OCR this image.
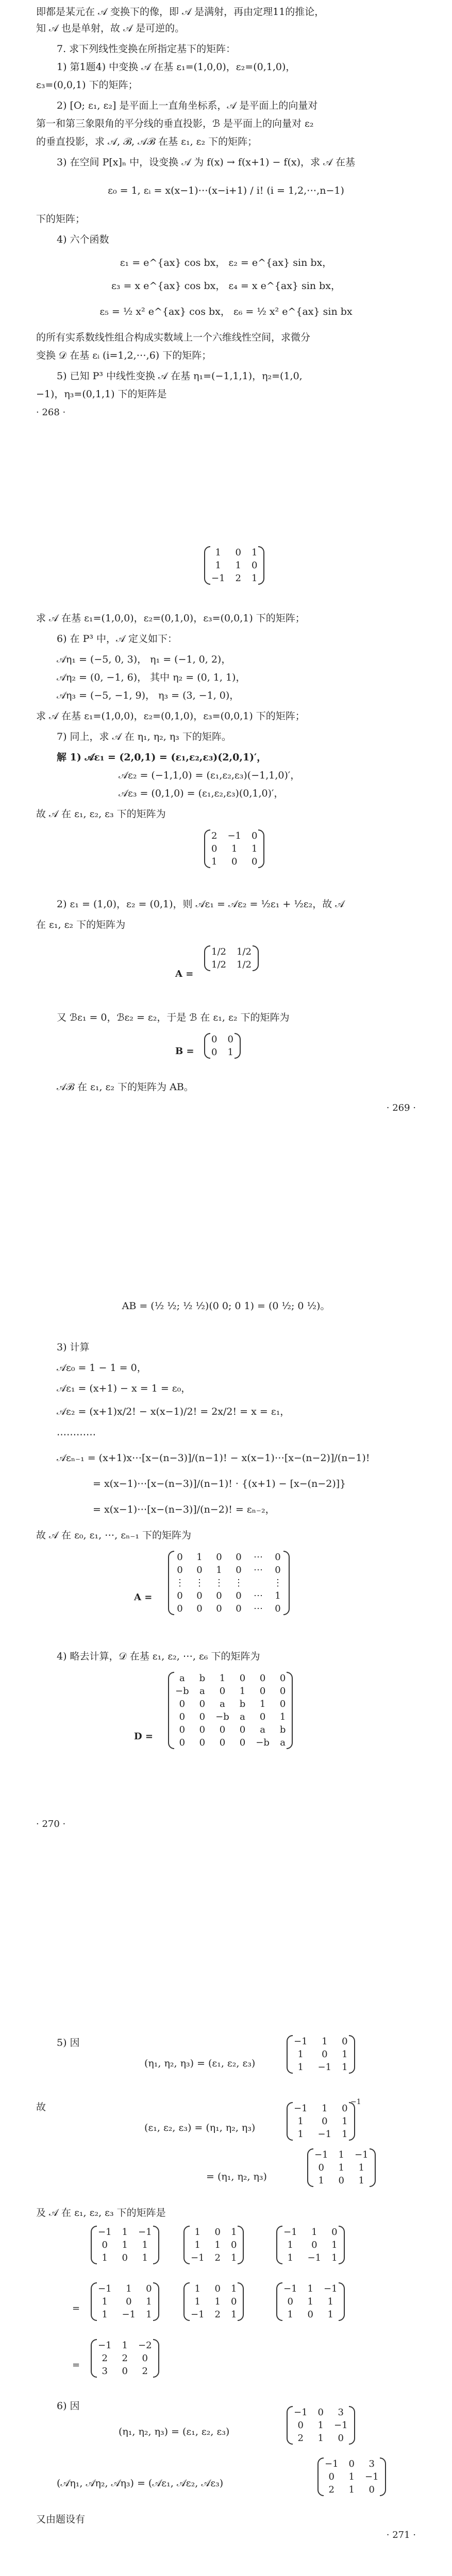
即都是某元在 𝒜 变换下的像，即 𝒜 是满射，再由定理11的推论，
知 𝒜 也是单射，故 𝒜 是可逆的。
7. 求下列线性变换在所指定基下的矩阵：
1) 第1题4) 中变换 𝒜 在基 ε₁=(1,0,0)，ε₂=(0,1,0)，
ε₃=(0,0,1) 下的矩阵；
2) [O; ε₁, ε₂] 是平面上一直角坐标系，𝒜 是平面上的向量对
第一和第三象限角的平分线的垂直投影，ℬ 是平面上的向量对 ε₂
的垂直投影，求 𝒜, ℬ, 𝒜ℬ 在基 ε₁, ε₂ 下的矩阵；
3) 在空间 P[x]ₙ 中，设变换 𝒜 为 f(x) → f(x+1) − f(x)，求 𝒜 在基
ε₀ = 1, εᵢ = x(x−1)⋯(x−i+1) / i! (i = 1,2,⋯,n−1)
下的矩阵；
4) 六个函数
ε₁ = e^{ax} cos bx， ε₂ = e^{ax} sin bx，
ε₃ = x e^{ax} cos bx， ε₄ = x e^{ax} sin bx，
ε₅ = ½ x² e^{ax} cos bx， ε₆ = ½ x² e^{ax} sin bx
的所有实系数线性组合构成实数域上一个六维线性空间，求微分
变换 𝒟 在基 εᵢ (i=1,2,⋯,6) 下的矩阵；
5) 已知 P³ 中线性变换 𝒜 在基 η₁=(−1,1,1)，η₂=(1,0,
−1)，η₃=(0,1,1) 下的矩阵是
· 268 ·
1	0	1
1	1	0
−1	2	1
求 𝒜 在基 ε₁=(1,0,0)，ε₂=(0,1,0)，ε₃=(0,0,1) 下的矩阵；
6) 在 P³ 中，𝒜 定义如下：
𝒜η₁ = (−5, 0, 3)， η₁ = (−1, 0, 2)，
𝒜η₂ = (0, −1, 6)， 其中 η₂ = (0, 1, 1)，
𝒜η₃ = (−5, −1, 9)， η₃ = (3, −1, 0)，
求 𝒜 在基 ε₁=(1,0,0)，ε₂=(0,1,0)，ε₃=(0,0,1) 下的矩阵；
7) 同上，求 𝒜 在 η₁, η₂, η₃ 下的矩阵。
解 1) 𝒜ε₁ = (2,0,1) = (ε₁,ε₂,ε₃)(2,0,1)′，
𝒜ε₂ = (−1,1,0) = (ε₁,ε₂,ε₃)(−1,1,0)′，
𝒜ε₃ = (0,1,0) = (ε₁,ε₂,ε₃)(0,1,0)′，
故 𝒜 在 ε₁, ε₂, ε₃ 下的矩阵为
2	−1	0
0	1	1
1	0	0
2) ε₁ = (1,0)，ε₂ = (0,1)，则 𝒜ε₁ = 𝒜ε₂ = ½ε₁ + ½ε₂，故 𝒜
在 ε₁, ε₂ 下的矩阵为
A =
1/2	1/2
1/2	1/2
又 ℬε₁ = 0，ℬε₂ = ε₂，于是 ℬ 在 ε₁, ε₂ 下的矩阵为
B =
0	0
0	1
𝒜ℬ 在 ε₁, ε₂ 下的矩阵为 AB。
· 269 ·
AB = (½ ½; ½ ½)(0 0; 0 1) = (0 ½; 0 ½)。
3) 计算
𝒜ε₀ = 1 − 1 = 0，
𝒜ε₁ = (x+1) − x = 1 = ε₀，
𝒜ε₂ = (x+1)x/2! − x(x−1)/2! = 2x/2! = x = ε₁，
⋯⋯⋯⋯
𝒜εₙ₋₁ = (x+1)x⋯[x−(n−3)]/(n−1)! − x(x−1)⋯[x−(n−2)]/(n−1)!
= x(x−1)⋯[x−(n−3)]/(n−1)! · {(x+1) − [x−(n−2)]}
= x(x−1)⋯[x−(n−3)]/(n−2)! = εₙ₋₂，
故 𝒜 在 ε₀, ε₁, ⋯, εₙ₋₁ 下的矩阵为
A =
0	1	0	0	⋯	0
0	0	1	0	⋯	0
⋮	⋮	⋮	⋮		⋮
0	0	0	0	⋯	1
0	0	0	0	⋯	0
4) 略去计算，𝒟 在基 ε₁, ε₂, ⋯, ε₆ 下的矩阵为
D =
a	b	1	0	0	0
−b	a	0	1	0	0
0	0	a	b	1	0
0	0	−b	a	0	1
0	0	0	0	a	b
0	0	0	0	−b	a
· 270 ·
5) 因
(η₁, η₂, η₃) = (ε₁, ε₂, ε₃)
−1	1	0
1	0	1
1	−1	1
故
(ε₁, ε₂, ε₃) = (η₁, η₂, η₃)
−1	1	0
1	0	1
1	−1	1
−1
= (η₁, η₂, η₃)
−1	1	−1
0	1	1
1	0	1
及 𝒜 在 ε₁, ε₂, ε₃ 下的矩阵是
−1	1	−1
0	1	1
1	0	1
1	0	1
1	1	0
−1	2	1
−1	1	0
1	0	1
1	−1	1
=
−1	1	0
1	0	1
1	−1	1
1	0	1
1	1	0
−1	2	1
−1	1	−1
0	1	1
1	0	1
=
−1	1	−2
2	2	0
3	0	2
6) 因
(η₁, η₂, η₃) = (ε₁, ε₂, ε₃)
−1	0	3
0	1	−1
2	1	0
(𝒜η₁, 𝒜η₂, 𝒜η₃) = (𝒜ε₁, 𝒜ε₂, 𝒜ε₃)
−1	0	3
0	1	−1
2	1	0
又由题设有
· 271 ·
